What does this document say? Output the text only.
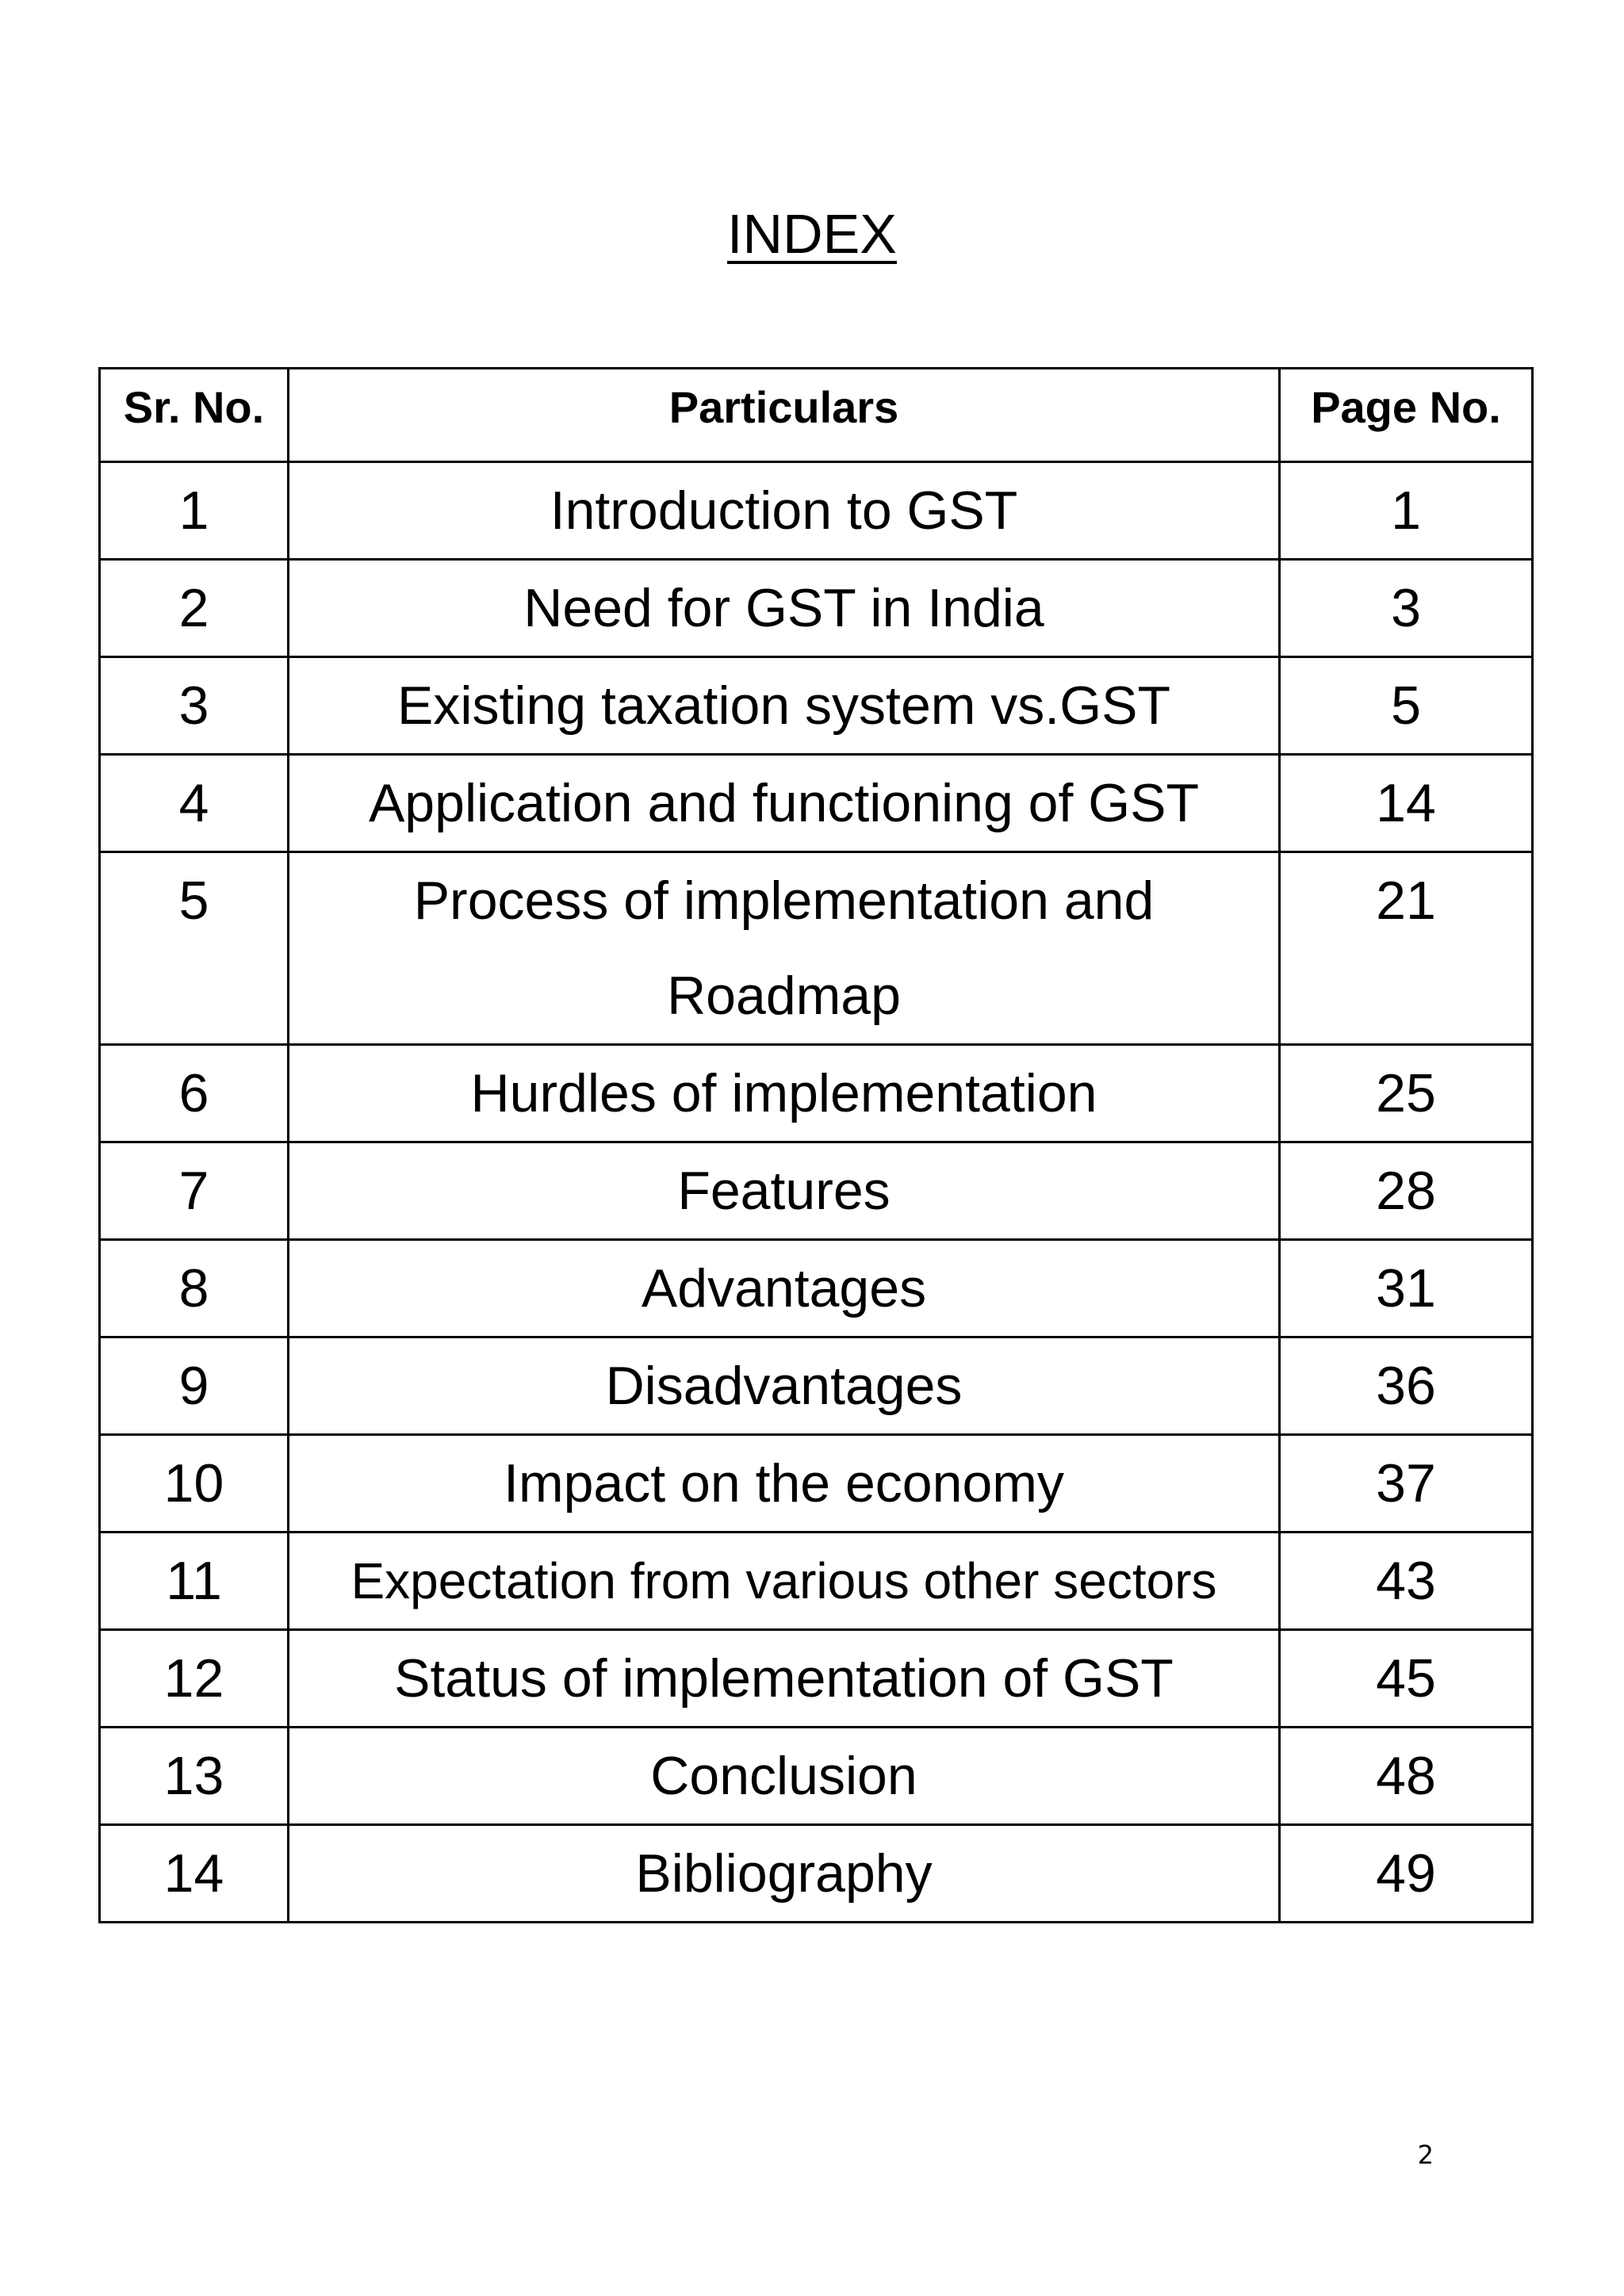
INDEX
Sr. No.	Particulars	Page No.
1	Introduction to GST	1
2	Need for GST in India	3
3	Existing taxation system vs.GST	5
4	Application and functioning of GST	14
5	Process of implementation and Roadmap	21
6	Hurdles of implementation	25
7	Features	28
8	Advantages	31
9	Disadvantages	36
10	Impact on the economy	37
11	Expectation from various other sectors	43
12	Status of implementation of GST	45
13	Conclusion	48
14	Bibliography	49
2
